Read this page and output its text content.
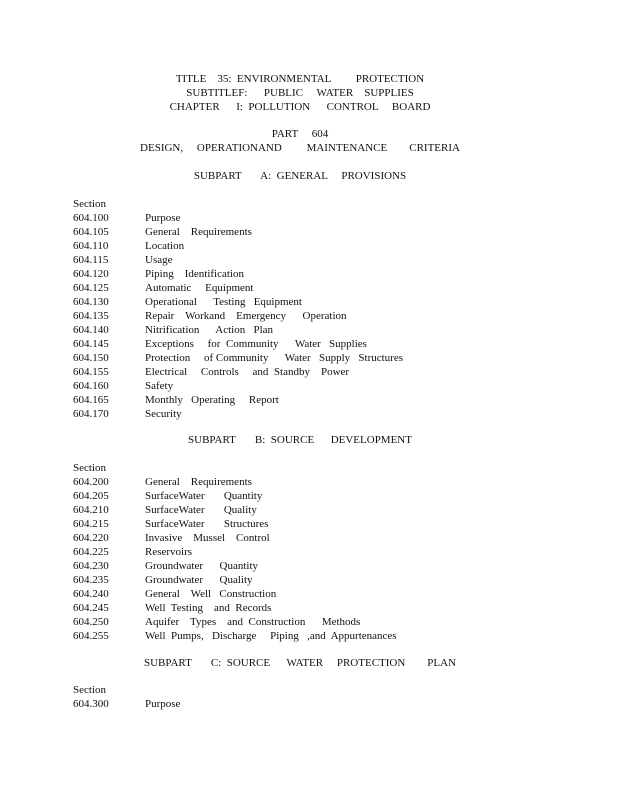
TITLE    35:  ENVIRONMENTAL         PROTECTION
SUBTITLEF:      PUBLIC     WATER    SUPPLIES
CHAPTER      I:  POLLUTION      CONTROL     BOARD
PART     604
DESIGN,     OPERATIONAND         MAINTENANCE        CRITERIA
SUBPART       A:  GENERAL     PROVISIONS
Section
604.100	Purpose
604.105	General    Requirements
604.110	Location
604.115	Usage
604.120	Piping    Identification
604.125	Automatic     Equipment
604.130	Operational      Testing   Equipment
604.135	Repair    Workand    Emergency      Operation
604.140	Nitrification      Action   Plan
604.145	Exceptions     for  Community      Water   Supplies
604.150	Protection     of Community      Water   Supply   Structures
604.155	Electrical     Controls     and  Standby    Power
604.160	Safety
604.165	Monthly   Operating     Report
604.170	Security
SUBPART       B:  SOURCE      DEVELOPMENT
Section
604.200	General    Requirements
604.205	SurfaceWater       Quantity
604.210	SurfaceWater       Quality
604.215	SurfaceWater       Structures
604.220	Invasive    Mussel    Control
604.225	Reservoirs
604.230	Groundwater      Quantity
604.235	Groundwater      Quality
604.240	General    Well   Construction
604.245	Well  Testing    and  Records
604.250	Aquifer    Types    and  Construction      Methods
604.255	Well  Pumps,   Discharge     Piping   ,and  Appurtenances
SUBPART       C:  SOURCE      WATER     PROTECTION        PLAN
Section
604.300	Purpose
